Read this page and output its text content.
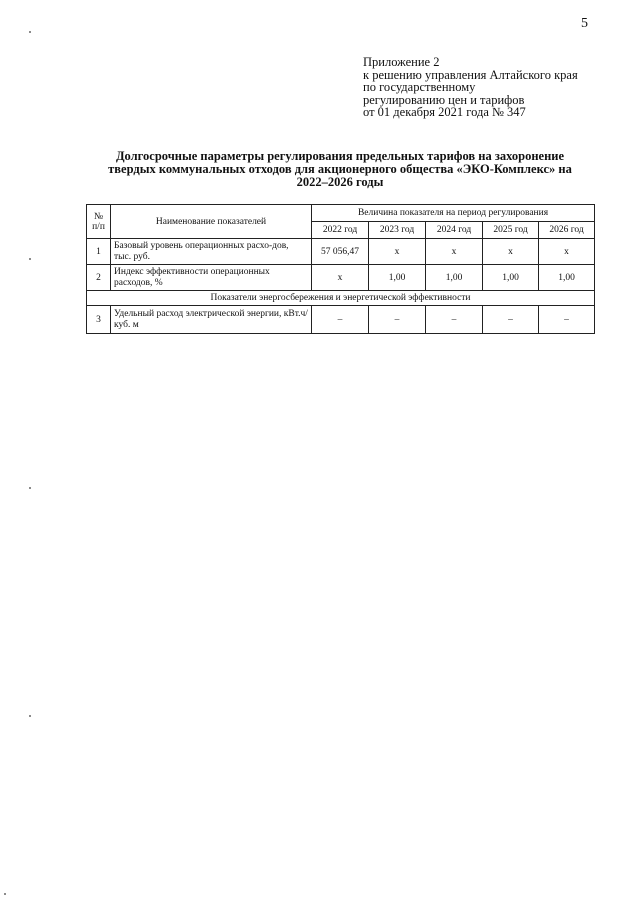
5
Приложение 2
к решению управления Алтайского края
по государственному
регулированию цен и тарифов
от 01 декабря 2021 года № 347
Долгосрочные параметры регулирования предельных тарифов на захоронение
твердых коммунальных отходов для акционерного общества «ЭКО-Комплекс» на
2022–2026 годы
№ п/п	Наименование показателей	Величина показателя на период регулирования				
		2022 год	2023 год	2024 год	2025 год	2026 год
1	Базовый уровень операционных расхо-дов, тыс. руб.	57 056,47	x	x	x	x
2	Индекс эффективности операционных расходов, %	x	1,00	1,00	1,00	1,00
Показатели энергосбережения и энергетической эффективности						
3	Удельный расход электрической энергии, кВт.ч/куб. м	–	–	–	–	–
